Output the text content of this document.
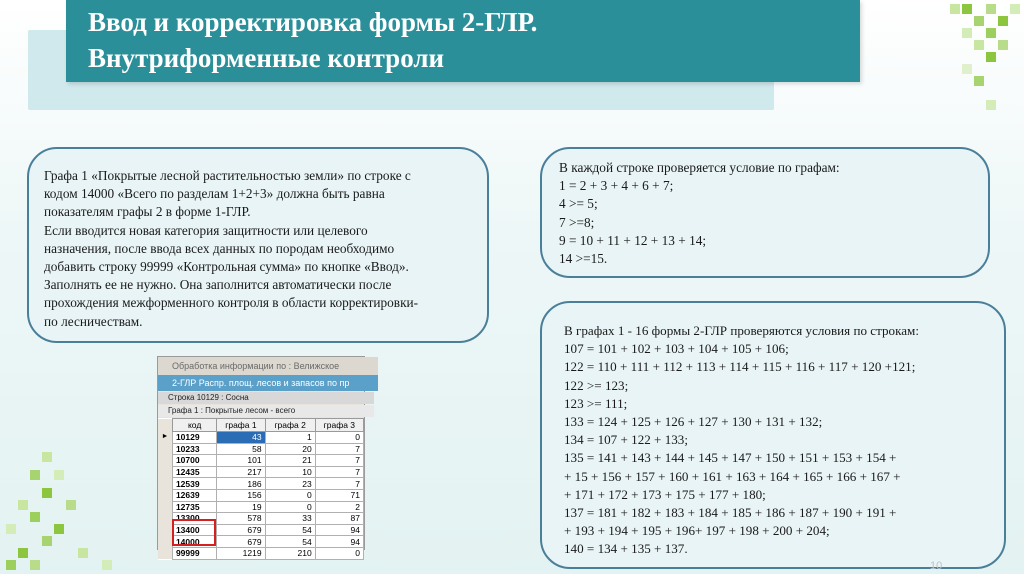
Ввод и корректировка формы 2-ГЛР.
Внутриформенные контроли
Графа 1 «Покрытые лесной растительностью земли» по строке с
кодом 14000 «Всего по разделам 1+2+3» должна быть равна
показателям графы 2 в форме 1-ГЛР.
Если вводится новая категория защитности или целевого
назначения, после ввода всех данных по породам необходимо
добавить строку 99999 «Контрольная сумма» по кнопке «Ввод».
Заполнять ее не нужно. Она заполнится автоматически после
прохождения межформенного контроля в области корректировки-
по лесничествам.
В каждой строке проверяется условие по графам:
1 = 2 + 3 + 4 + 6 + 7;
4 >= 5;
7 >=8;
9 = 10 + 11 + 12 + 13 + 14;
14 >=15.
В графах 1 - 16 формы 2-ГЛР проверяются условия по строкам:
107 = 101 + 102 + 103 + 104 + 105 + 106;
122 = 110 + 111 + 112 + 113 + 114 + 115 + 116 + 117 + 120 +121;
122 >= 123;
123 >= 111;
133 = 124 + 125 + 126 + 127 + 130 + 131 + 132;
134 = 107 + 122 + 133;
135 = 141 + 143 + 144 + 145 + 147 + 150 + 151 + 153 + 154 +
+ 15 + 156 + 157 + 160 + 161 + 163 + 164 + 165 + 166 + 167 +
+ 171 + 172 + 173 + 175 + 177 + 180;
137 = 181 + 182 + 183 + 184 + 185 + 186 + 187 + 190 + 191 +
+ 193 + 194 + 195 + 196+ 197 + 198 + 200 + 204;
140 = 134 + 135 + 137.
Обработка информации по : Велижское
2-ГЛР Распр. площ. лесов и запасов по пр
Строка 10129 : Сосна
Графа 1 : Покрытые лесом - всего
	код	графа 1	графа 2	графа 3
►	10129	43	1	0
	10233	58	20	7
	10700	101	21	7
	12435	217	10	7
	12539	186	23	7
	12639	156	0	71
	12735	19	0	2
	13300	578	33	87
	13400	679	54	94
	14000	679	54	94
	99999	1219	210	0
10
